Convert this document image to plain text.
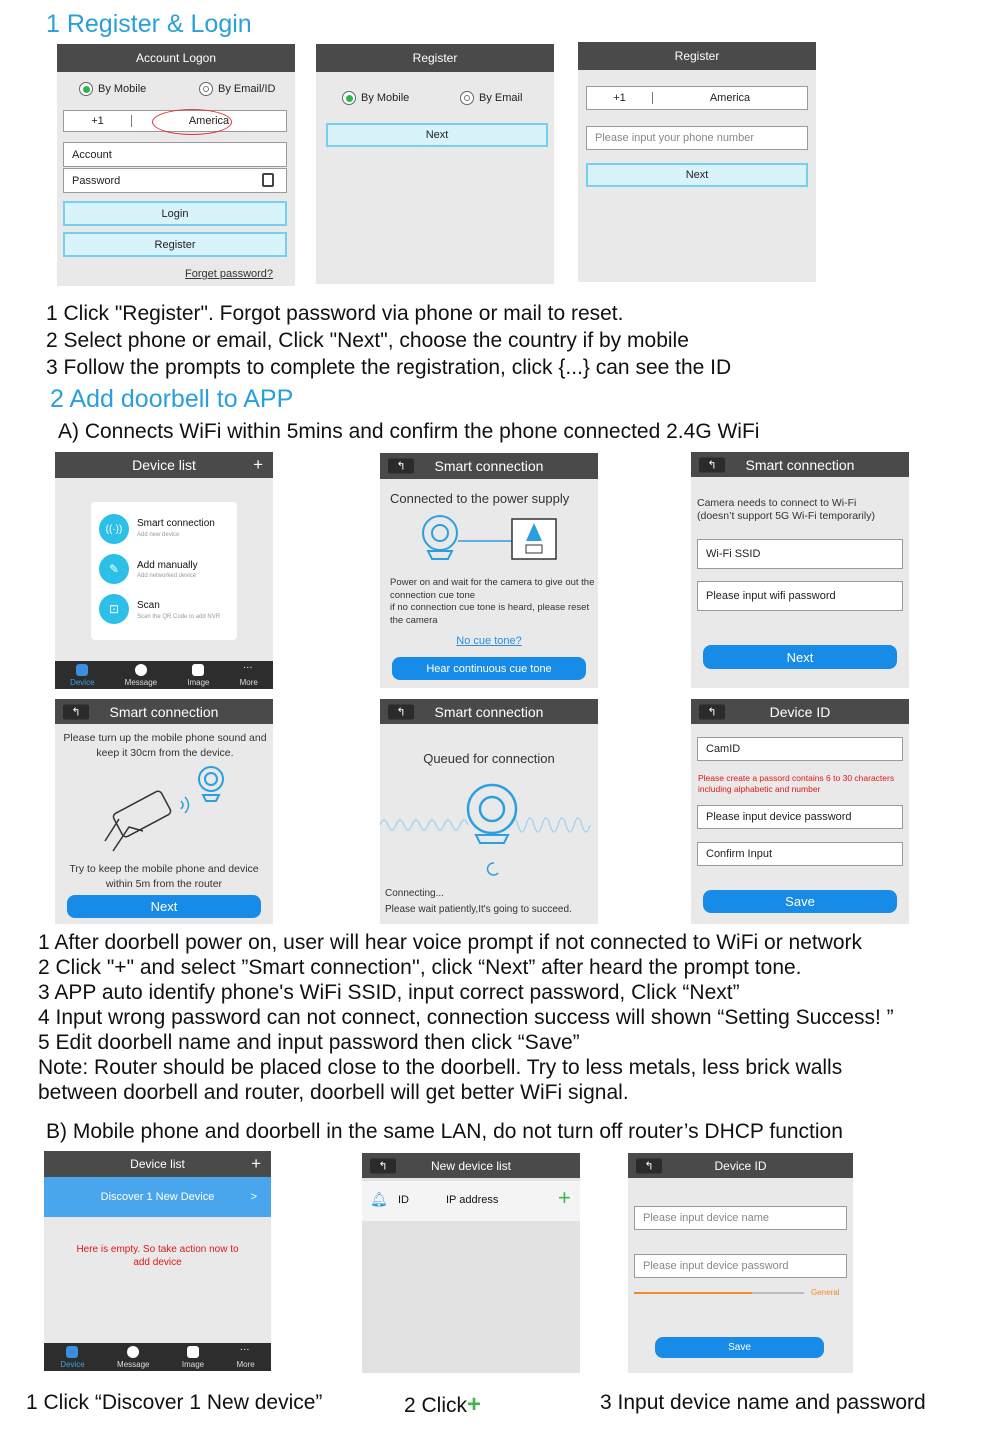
1 Register & Login
Account Logon
By Mobile	By Email/ID
+1	America
Account
Password
Login
Register
Forget password?
Register
By Mobile	By Email
Next
Register
+1	America
Please input your phone number
Next
1 Click "Register". Forgot password via phone or mail to reset.
2 Select phone or email, Click "Next", choose the country if by mobile
3 Follow the prompts to complete the registration, click {...} can see the ID
2 Add doorbell to APP
A) Connects WiFi within 5mins and confirm the phone connected 2.4G WiFi
Device list	+
((·))	Smart connection
Add new device
✎	Add manually
Add networked device
⊡	Scan
Scan the QR Code to add NVR
Device	Message	Image
···
More
↰	Smart connection
Connected to the power supply
Power on and wait for the camera to give out the connection cue tone
if no connection cue tone is heard, please reset the camera
No cue tone?
Hear continuous cue tone
↰	Smart connection
Camera needs to connect to Wi-Fi
(doesn’t support 5G Wi-Fi temporarily)
Wi-Fi SSID
Please input wifi password
Next
↰	Smart connection
Please turn up the mobile phone sound and keep it 30cm from the device.
Try to keep the mobile phone and device within 5m from the router
Next
↰	Smart connection
Queued for connection
Connecting...
Please wait patiently,It's going to succeed.
↰	Device ID
CamID
Please create a passord contains 6 to 30 characters including alphabetic and number
Please input device password
Confirm Input
Save
1 After doorbell power on, user will hear voice prompt if not connected to WiFi or network
2 Click "+" and select ”Smart connection'', click “Next” after heard the prompt tone.
3 APP auto identify phone's WiFi SSID, input correct password, Click “Next”
4 Input wrong password can not connect, connection success will shown “Setting Success! ”
5 Edit doorbell name and input password then click “Save”
Note: Router should be placed close to the doorbell. Try to less metals, less brick walls
between doorbell and router, doorbell will get better WiFi signal.
B) Mobile phone and doorbell in the same LAN, do not turn off router’s DHCP function
Device list	+
Discover 1 New Device	>
Here is empty. So take action now to
add device
Device	Message	Image
···
More
↰	New device list
🔔︎ ID	IP address	+
↰	Device ID
Please input device name
Please input device password
General
Save
1 Click “Discover 1 New device”	2 Click+	3 Input device name and password
